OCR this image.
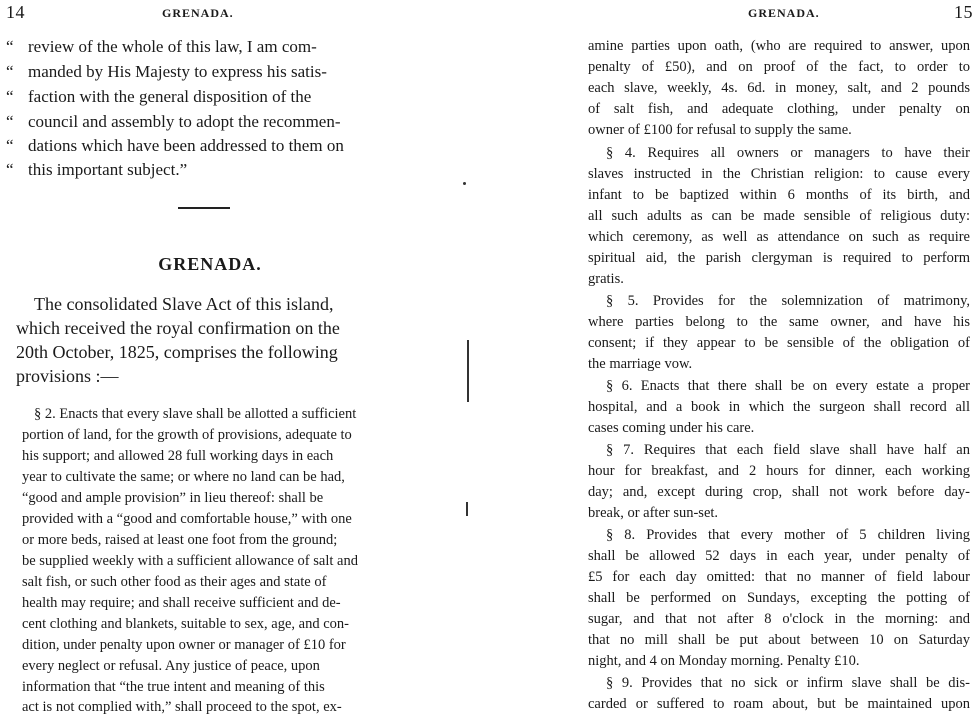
14	GRENADA.
“ review of the whole of this law, I am com-
“ manded by His Majesty to express his satis-
“ faction with the general disposition of the
“ council and assembly to adopt the recommen-
“ dations which have been addressed to them on
“ this important subject.”
GRENADA.
The consolidated Slave Act of this island,
which received the royal confirmation on the
20th October, 1825, comprises the following
provisions :—
§ 2. Enacts that every slave shall be allotted a sufficient
portion of land, for the growth of provisions, adequate to
his support; and allowed 28 full working days in each
year to cultivate the same; or where no land can be had,
“good and ample provision” in lieu thereof: shall be
provided with a “good and comfortable house,” with one
or more beds, raised at least one foot from the ground;
be supplied weekly with a sufficient allowance of salt and
salt fish, or such other food as their ages and state of
health may require; and shall receive sufficient and de-
cent clothing and blankets, suitable to sex, age, and con-
dition, under penalty upon owner or manager of £10 for
every neglect or refusal. Any justice of peace, upon
information that “the true intent and meaning of this
act is not complied with,” shall proceed to the spot, ex-
GRENADA.	15
amine parties upon oath, (who are required to answer, upon
penalty of £50), and on proof of the fact, to order to
each slave, weekly, 4s. 6d. in money, salt, and 2 pounds
of salt fish, and adequate clothing, under penalty on
owner of £100 for refusal to supply the same.
§ 4. Requires all owners or managers to have their
slaves instructed in the Christian religion: to cause every
infant to be baptized within 6 months of its birth, and
all such adults as can be made sensible of religious duty:
which ceremony, as well as attendance on such as require
spiritual aid, the parish clergyman is required to perform
gratis.
§ 5. Provides for the solemnization of matrimony,
where parties belong to the same owner, and have his
consent; if they appear to be sensible of the obligation of
the marriage vow.
§ 6. Enacts that there shall be on every estate a proper
hospital, and a book in which the surgeon shall record all
cases coming under his care.
§ 7. Requires that each field slave shall have half an
hour for breakfast, and 2 hours for dinner, each working
day; and, except during crop, shall not work before day-
break, or after sun-set.
§ 8. Provides that every mother of 5 children living
shall be allowed 52 days in each year, under penalty of
£5 for each day omitted: that no manner of field labour
shall be performed on Sundays, excepting the potting of
sugar, and that not after 8 o'clock in the morning: and
that no mill shall be put about between 10 on Saturday
night, and 4 on Monday morning. Penalty £10.
§ 9. Provides that no sick or infirm slave shall be dis-
carded or suffered to roam about, but be maintained upon
